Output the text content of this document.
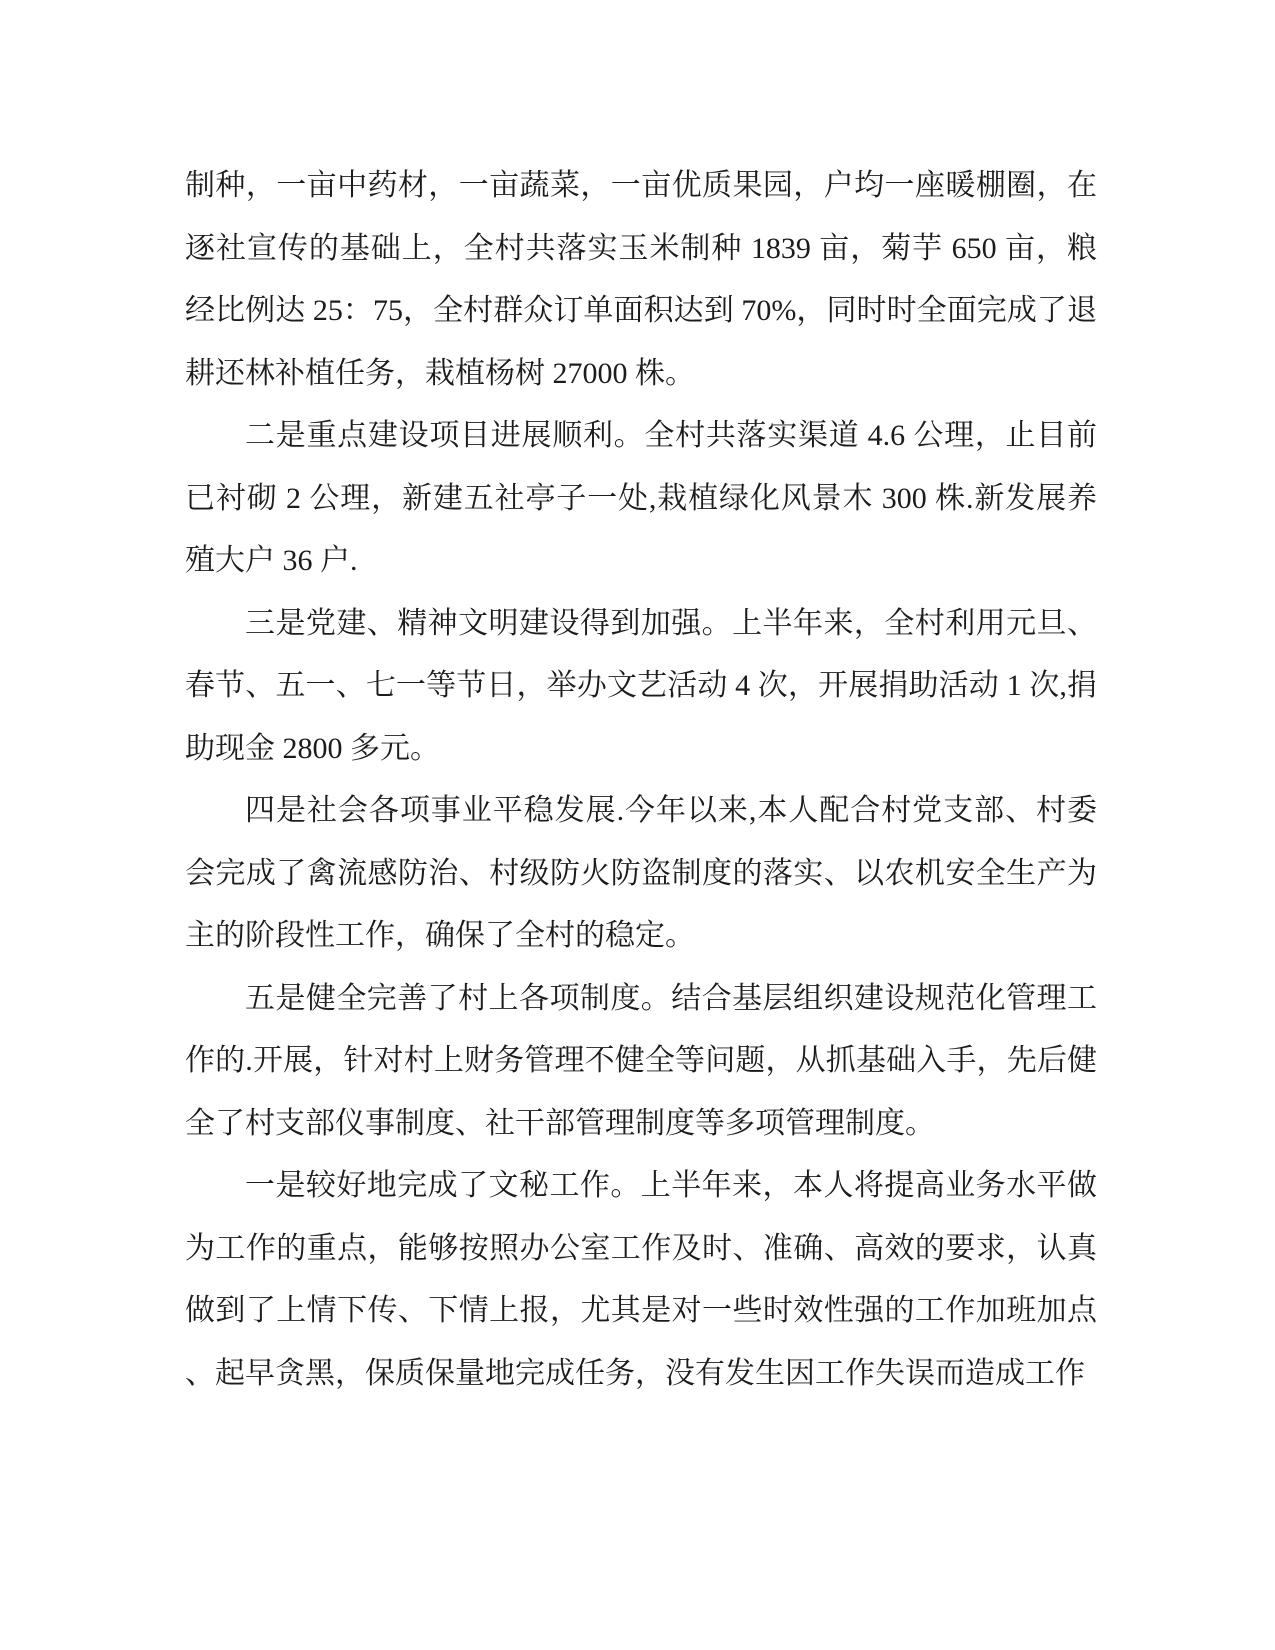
制种，一亩中药材，一亩蔬菜，一亩优质果园，户均一座暖棚圈，在逐社宣传的基础上，全村共落实玉米制种 1839 亩，菊芋 650 亩，粮经比例达 25：75，全村群众订单面积达到 70%，同时时全面完成了退耕还林补植任务，栽植杨树 27000 株。

二是重点建设项目进展顺利。全村共落实渠道 4.6 公理，止目前已衬砌 2 公理，新建五社亭子一处,栽植绿化风景木 300 株.新发展养殖大户 36 户.

三是党建、精神文明建设得到加强。上半年来，全村利用元旦、春节、五一、七一等节日，举办文艺活动 4 次，开展捐助活动 1 次,捐助现金 2800 多元。

四是社会各项事业平稳发展.今年以来,本人配合村党支部、村委会完成了禽流感防治、村级防火防盗制度的落实、以农机安全生产为主的阶段性工作，确保了全村的稳定。

五是健全完善了村上各项制度。结合基层组织建设规范化管理工作的.开展，针对村上财务管理不健全等问题，从抓基础入手，先后健全了村支部仪事制度、社干部管理制度等多项管理制度。

一是较好地完成了文秘工作。上半年来，本人将提高业务水平做为工作的重点，能够按照办公室工作及时、准确、高效的要求，认真做到了上情下传、下情上报，尤其是对一些时效性强的工作加班加点、起早贪黑，保质保量地完成任务，没有发生因工作失误而造成工作
